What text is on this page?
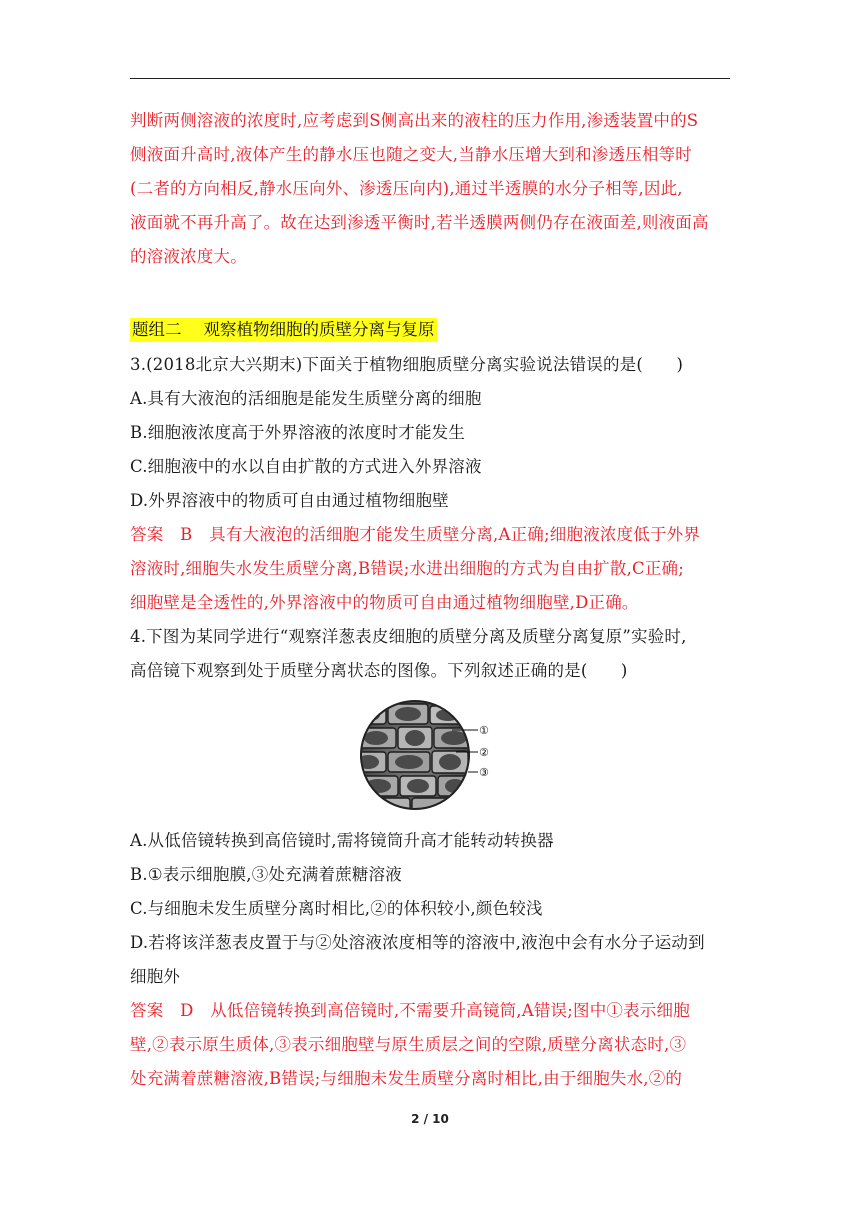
判断两侧溶液的浓度时,应考虑到S侧高出来的液柱的压力作用,渗透装置中的S

侧液面升高时,液体产生的静水压也随之变大,当静水压增大到和渗透压相等时

(二者的方向相反,静水压向外、渗透压向内),通过半透膜的水分子相等,因此,

液面就不再升高了。故在达到渗透平衡时,若半透膜两侧仍存在液面差,则液面高

的溶液浓度大。

题组二 观察植物细胞的质壁分离与复原

3.(2018北京大兴期末)下面关于植物细胞质壁分离实验说法错误的是(　　)

A.具有大液泡的活细胞是能发生质壁分离的细胞

B.细胞液浓度高于外界溶液的浓度时才能发生

C.细胞液中的水以自由扩散的方式进入外界溶液

D.外界溶液中的物质可自由通过植物细胞壁

答案　B　具有大液泡的活细胞才能发生质壁分离,A正确;细胞液浓度低于外界

溶液时,细胞失水发生质壁分离,B错误;水进出细胞的方式为自由扩散,C正确;

细胞壁是全透性的,外界溶液中的物质可自由通过植物细胞壁,D正确。

4.下图为某同学进行“观察洋葱表皮细胞的质壁分离及质壁分离复原”实验时,

高倍镜下观察到处于质壁分离状态的图像。下列叙述正确的是(　　)

①
②
③

A.从低倍镜转换到高倍镜时,需将镜筒升高才能转动转换器

B.①表示细胞膜,③处充满着蔗糖溶液

C.与细胞未发生质壁分离时相比,②的体积较小,颜色较浅

D.若将该洋葱表皮置于与②处溶液浓度相等的溶液中,液泡中会有水分子运动到

细胞外

答案　D　从低倍镜转换到高倍镜时,不需要升高镜筒,A错误;图中①表示细胞

壁,②表示原生质体,③表示细胞壁与原生质层之间的空隙,质壁分离状态时,③

处充满着蔗糖溶液,B错误;与细胞未发生质壁分离时相比,由于细胞失水,②的

2 / 10
